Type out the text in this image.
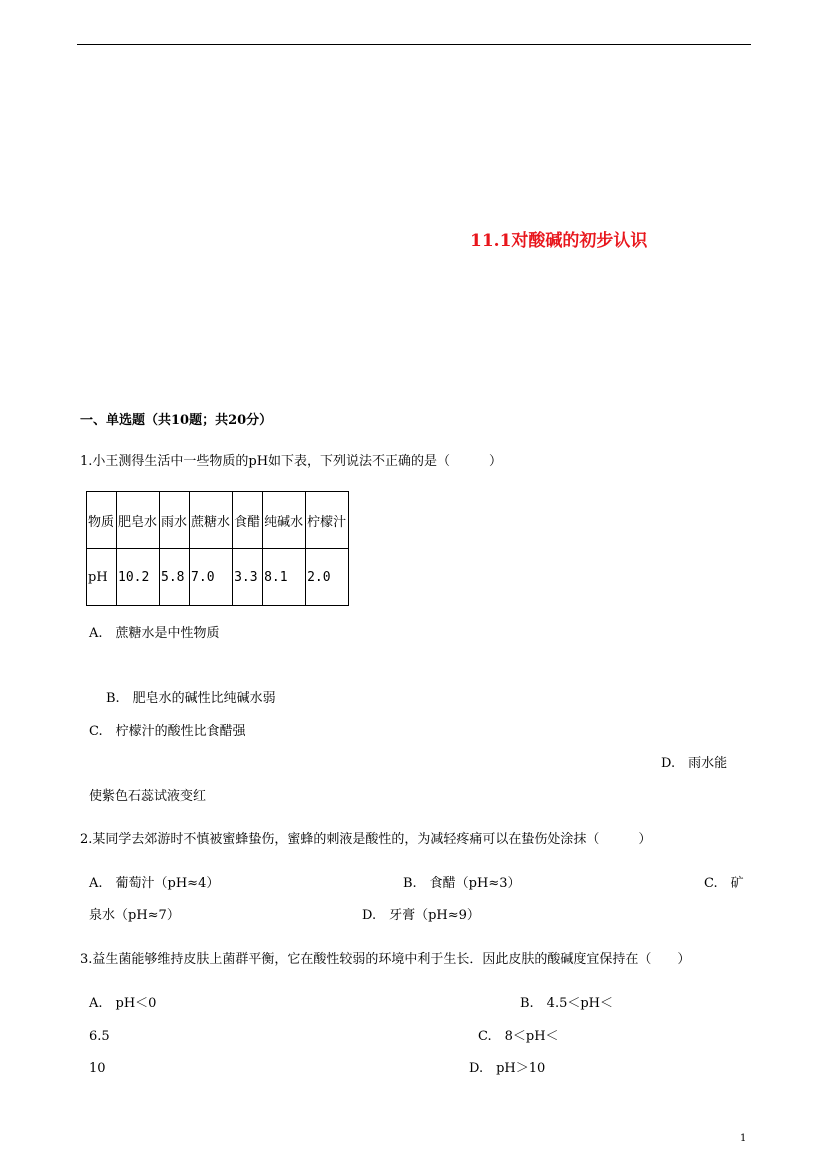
11.1对酸碱的初步认识
一、单选题（共10题；共20分）
1.小王测得生活中一些物质的pH如下表，下列说法不正确的是（　　　）
物质	肥皂水	雨水	蔗糖水	食醋	纯碱水	柠檬汁
pH	10.2	5.8	7.0	3.3	8.1	2.0
A.　蔗糖水是中性物质
B.　肥皂水的碱性比纯碱水弱
C.　柠檬汁的酸性比食醋强
D.　雨水能
使紫色石蕊试液变红
2.某同学去郊游时不慎被蜜蜂蛰伤，蜜蜂的刺液是酸性的，为减轻疼痛可以在蛰伤处涂抹（　　　）
A.　葡萄汁（pH≈4）	B.　食醋（pH≈3）	C.　矿
泉水（pH≈7）	D.　牙膏（pH≈9）
3.益生菌能够维持皮肤上菌群平衡，它在酸性较弱的环境中利于生长．因此皮肤的酸碱度宜保持在（　　）
A.　pH＜0	B.　4.5＜pH＜
6.5	C.　8＜pH＜
10	D.　pH＞10
1
